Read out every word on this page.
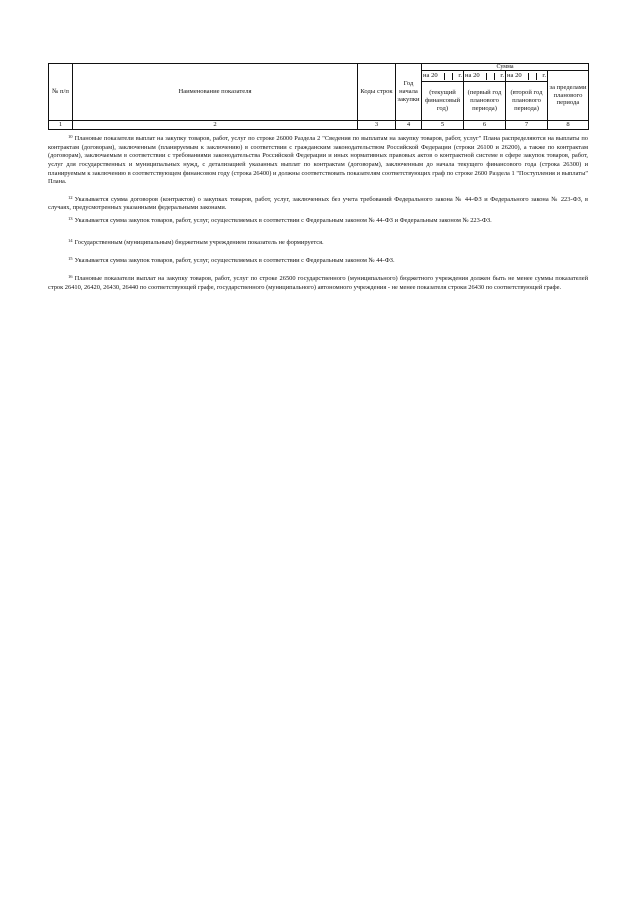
№ п/п	Наименование показателя	Коды строк	Год начала закупки	Сумма			

				на 20 г.	на 20 г.	на 20 г.	за пределами планового периода
				(текущий финансовый год)	(первый год планового периода)	(второй год планового периода)	
1	2	3	4	5	6	7	8

$^{10}$ Плановые показатели выплат на закупку товаров, работ, услуг по строке 26000 Раздела 2 "Сведения по выплатам на закупку товаров, работ, услуг" Плана распределяются на выплаты по контрактам (договорам), заключенным (планируемым к заключению) в соответствии с гражданским законодательством Российской Федерации (строки 26100 и 26200), а также по контрактам (договорам), заключаемым в соответствии с требованиями законодательства Российской Федерации и иных нормативных правовых актов о контрактной системе в сфере закупок товаров, работ, услуг для государственных и муниципальных нужд, с детализацией указанных выплат по контрактам (договорам), заключенным до начала текущего финансового года (строка 26300) и планируемым к заключению в соответствующем финансовом году (строка 26400) и должны соответствовать показателям соответствующих граф по строке 2600 Раздела 1 "Поступления и выплаты" Плана.

$^{12}$ Указывается сумма договоров (контрактов) о закупках товаров, работ, услуг, заключенных без учета требований Федерального закона № 44-ФЗ и Федерального закона № 223-ФЗ, в случаях, предусмотренных указанными федеральными законами.

$^{13}$ Указывается сумма закупок товаров, работ, услуг, осуществляемых в соответствии с Федеральным законом № 44-ФЗ и Федеральным законом № 223-ФЗ.

$^{14}$ Государственным (муниципальным) бюджетным учреждением показатель не формируется.

$^{15}$ Указывается сумма закупок товаров, работ, услуг, осуществляемых в соответствии с Федеральным законом № 44-ФЗ.

$^{16}$ Плановые показатели выплат на закупку товаров, работ, услуг по строке 26500 государственного (муниципального) бюджетного учреждения должен быть не менее суммы показателей строк 26410, 26420, 26430, 26440 по соответствующей графе, государственного (муниципального) автономного учреждения - не менее показателя строки 26430 по соответствующей графе.
